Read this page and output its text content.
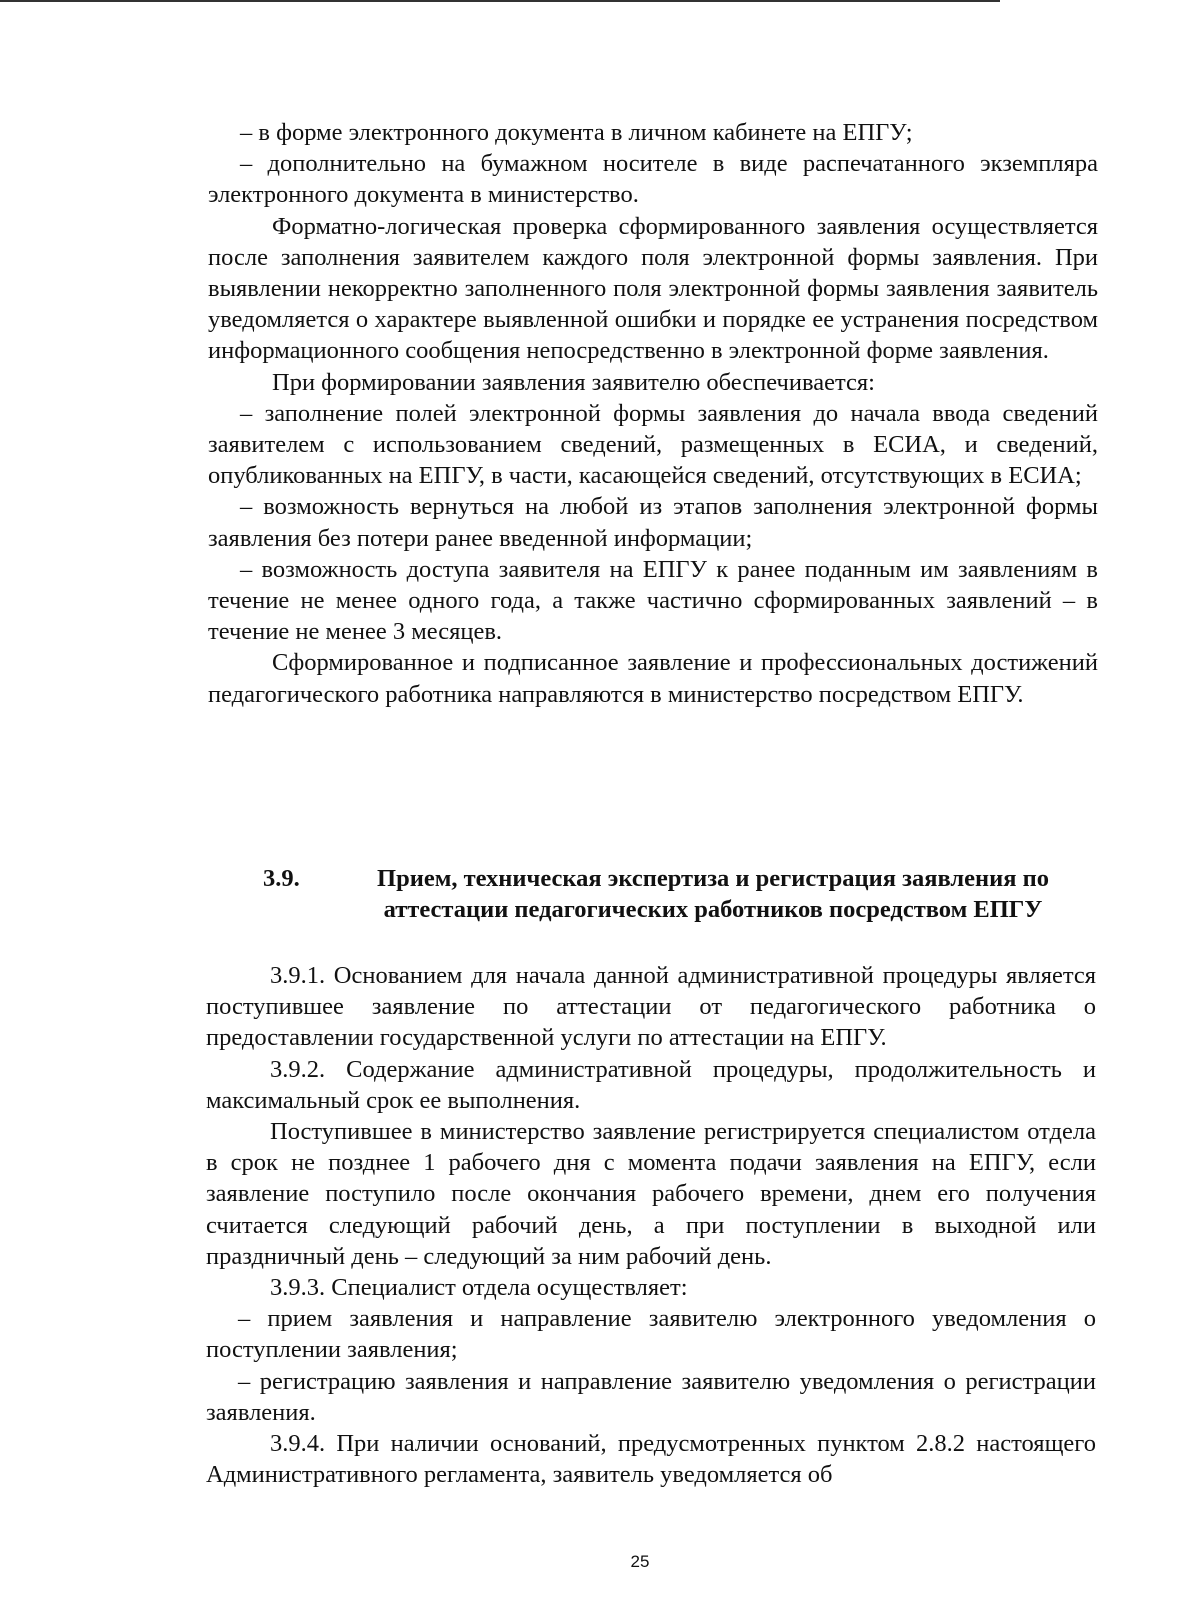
– в форме электронного документа в личном кабинете на ЕПГУ;

– дополнительно на бумажном носителе в виде распечатанного экземпляра электронного документа в министерство.

Форматно-логическая проверка сформированного заявления осуществляется после заполнения заявителем каждого поля электронной формы заявления. При выявлении некорректно заполненного поля электронной формы заявления заявитель уведомляется о характере выявленной ошибки и порядке ее устранения посредством информационного сообщения непосредственно в электронной форме заявления.

При формировании заявления заявителю обеспечивается:

– заполнение полей электронной формы заявления до начала ввода сведений заявителем с использованием сведений, размещенных в ЕСИА, и сведений, опубликованных на ЕПГУ, в части, касающейся сведений, отсутствующих в ЕСИА;

– возможность вернуться на любой из этапов заполнения электронной формы заявления без потери ранее введенной информации;

– возможность доступа заявителя на ЕПГУ к ранее поданным им заявлениям в течение не менее одного года, а также частично сформированных заявлений – в течение не менее 3 месяцев.

Сформированное и подписанное заявление и профессиональных достижений педагогического работника направляются в министерство посредством ЕПГУ.

3.9.	Прием, техническая экспертиза и регистрация заявления по аттестации педагогических работников посредством ЕПГУ

3.9.1. Основанием для начала данной административной процедуры является поступившее заявление по аттестации от педагогического работника о предоставлении государственной услуги по аттестации на ЕПГУ.

3.9.2. Содержание административной процедуры, продолжительность и максимальный срок ее выполнения.

Поступившее в министерство заявление регистрируется специалистом отдела в срок не позднее 1 рабочего дня с момента подачи заявления на ЕПГУ, если заявление поступило после окончания рабочего времени, днем его получения считается следующий рабочий день, а при поступлении в выходной или праздничный день – следующий за ним рабочий день.

3.9.3. Специалист отдела осуществляет:

– прием заявления и направление заявителю электронного уведомления о поступлении заявления;

– регистрацию заявления и направление заявителю уведомления о регистрации заявления.

3.9.4. При наличии оснований, предусмотренных пунктом 2.8.2 настоящего Административного регламента, заявитель уведомляется об

25
